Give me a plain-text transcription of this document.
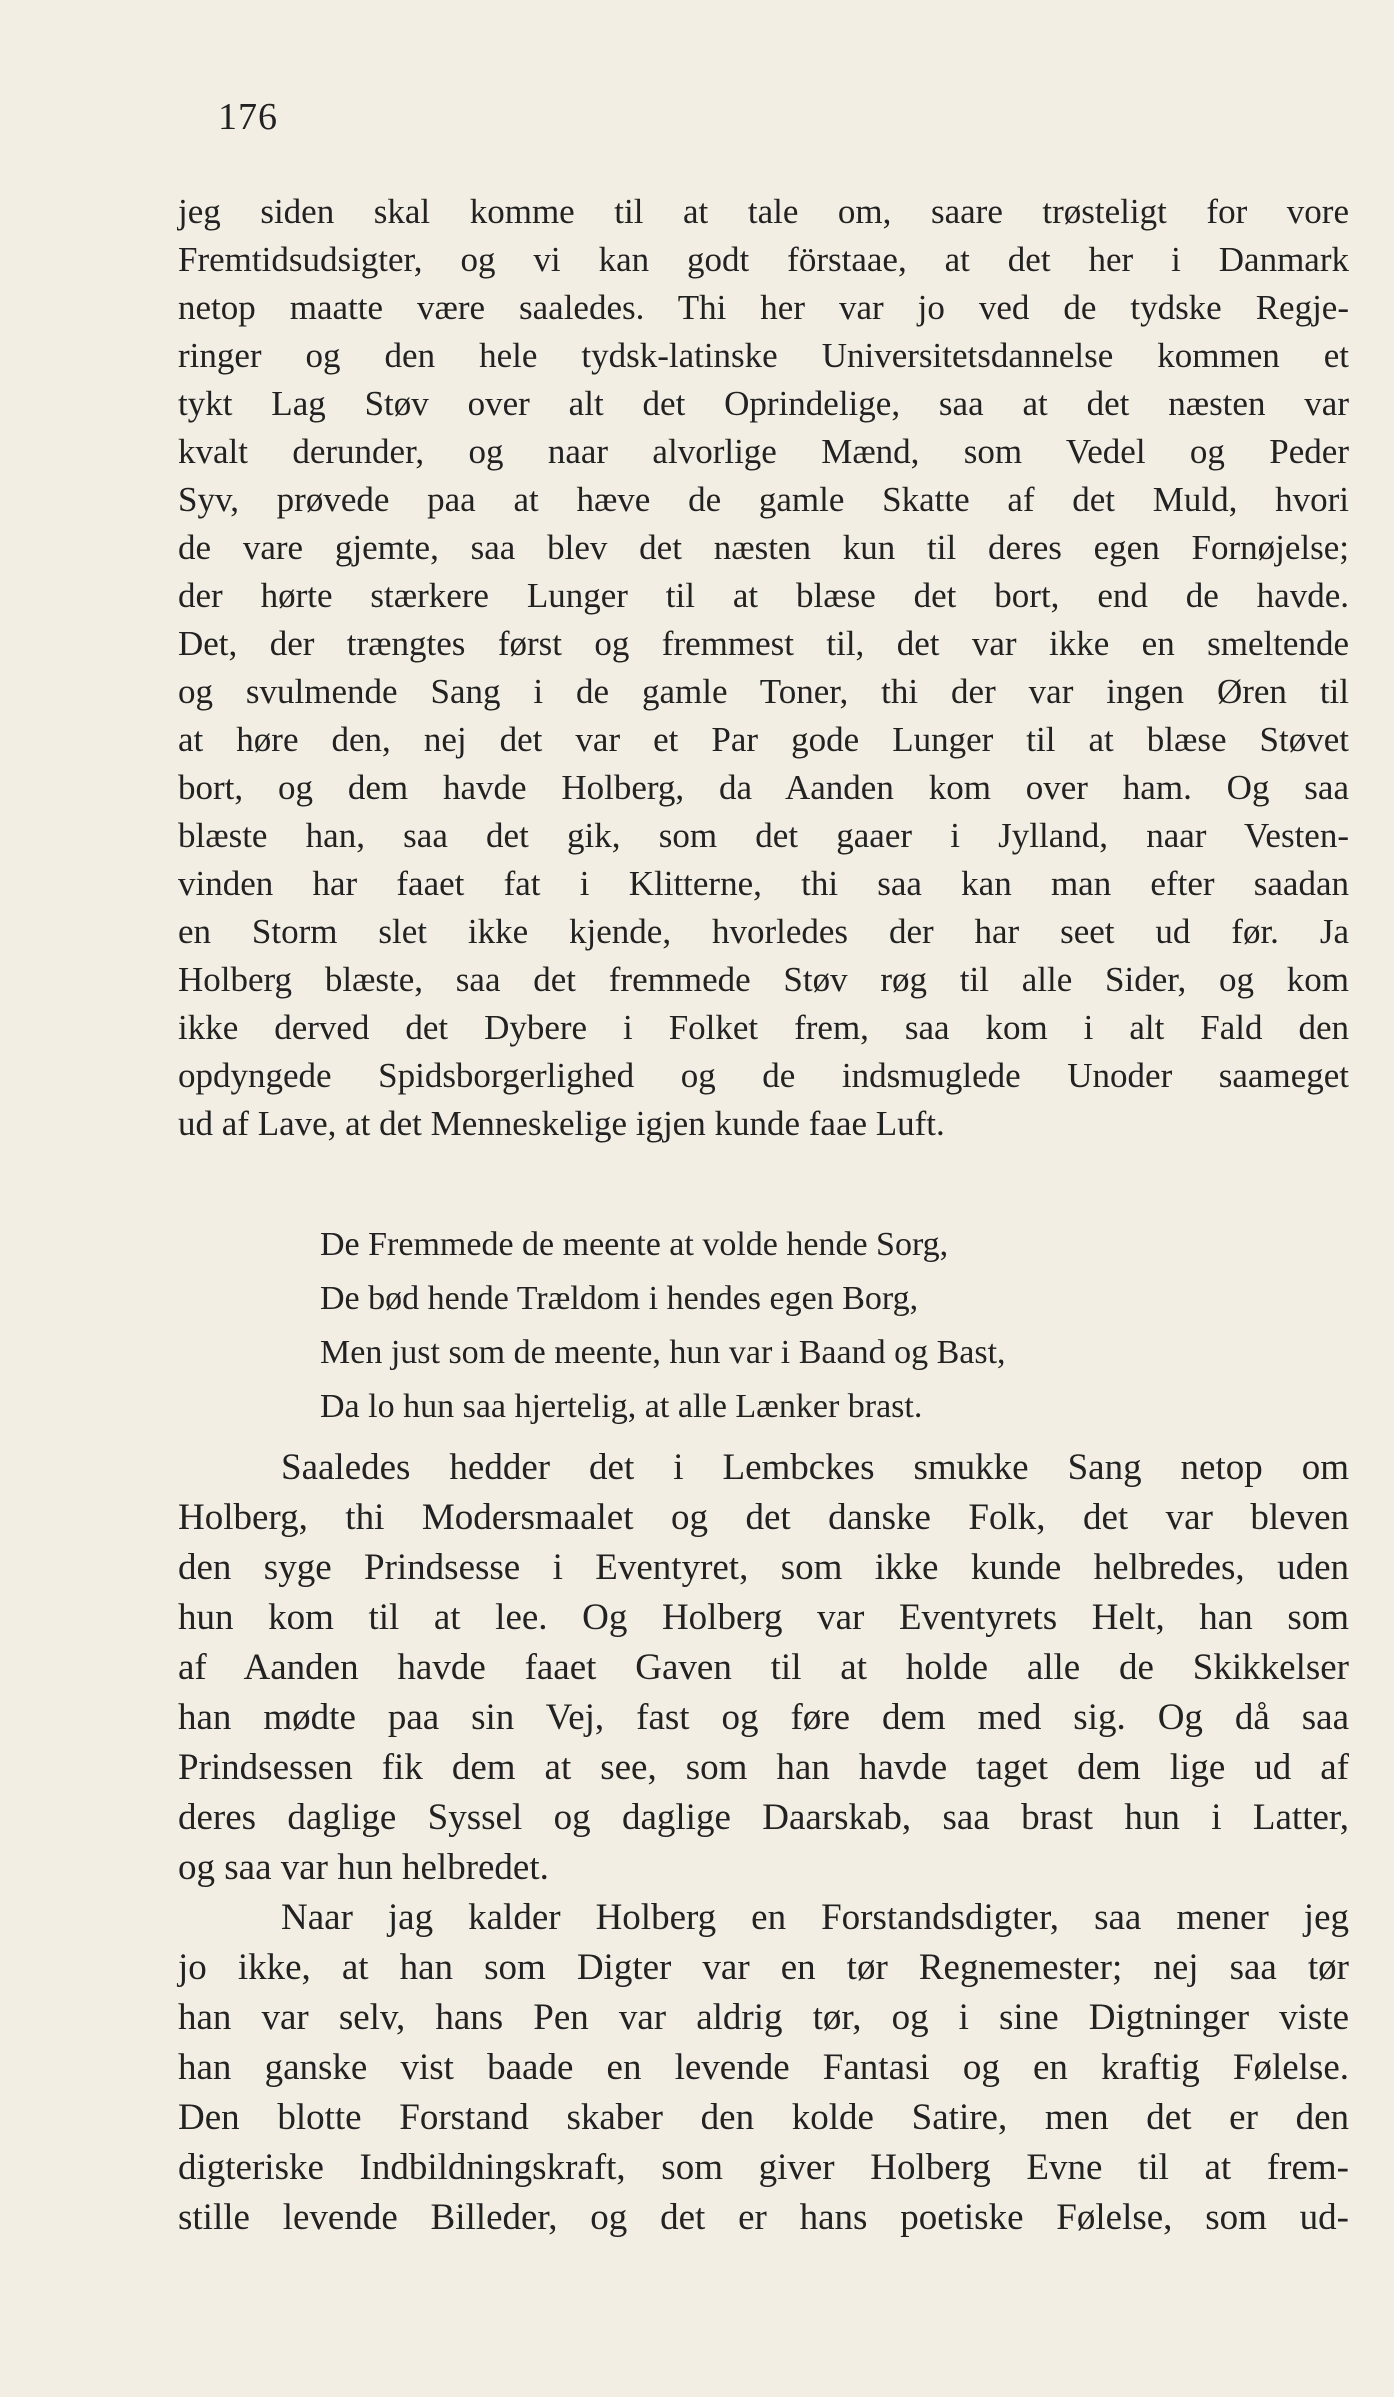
176
jeg siden skal komme til at tale om, saare trøsteligt for vore
Fremtidsudsigter, og vi kan godt förstaae, at det her i Danmark
netop maatte være saaledes. Thi her var jo ved de tydske Regje-
ringer og den hele tydsk-latinske Universitetsdannelse kommen et
tykt Lag Støv over alt det Oprindelige, saa at det næsten var
kvalt derunder, og naar alvorlige Mænd, som Vedel og Peder
Syv, prøvede paa at hæve de gamle Skatte af det Muld, hvori
de vare gjemte, saa blev det næsten kun til deres egen Fornøjelse;
der hørte stærkere Lunger til at blæse det bort, end de havde.
Det, der trængtes først og fremmest til, det var ikke en smeltende
og svulmende Sang i de gamle Toner, thi der var ingen Øren til
at høre den, nej det var et Par gode Lunger til at blæse Støvet
bort, og dem havde Holberg, da Aanden kom over ham. Og saa
blæste han, saa det gik, som det gaaer i Jylland, naar Vesten-
vinden har faaet fat i Klitterne, thi saa kan man efter saadan
en Storm slet ikke kjende, hvorledes der har seet ud før. Ja
Holberg blæste, saa det fremmede Støv røg til alle Sider, og kom
ikke derved det Dybere i Folket frem, saa kom i alt Fald den
opdyngede Spidsborgerlighed og de indsmuglede Unoder saameget
ud af Lave, at det Menneskelige igjen kunde faae Luft.
De Fremmede de meente at volde hende Sorg,
De bød hende Trældom i hendes egen Borg,
Men just som de meente, hun var i Baand og Bast,
Da lo hun saa hjertelig, at alle Lænker brast.
Saaledes hedder det i Lembckes smukke Sang netop om
Holberg, thi Modersmaalet og det danske Folk, det var bleven
den syge Prindsesse i Eventyret, som ikke kunde helbredes, uden
hun kom til at lee. Og Holberg var Eventyrets Helt, han som
af Aanden havde faaet Gaven til at holde alle de Skikkelser
han mødte paa sin Vej, fast og føre dem med sig. Og då saa
Prindsessen fik dem at see, som han havde taget dem lige ud af
deres daglige Syssel og daglige Daarskab, saa brast hun i Latter,
og saa var hun helbredet.
Naar jag kalder Holberg en Forstandsdigter, saa mener jeg
jo ikke, at han som Digter var en tør Regnemester; nej saa tør
han var selv, hans Pen var aldrig tør, og i sine Digtninger viste
han ganske vist baade en levende Fantasi og en kraftig Følelse.
Den blotte Forstand skaber den kolde Satire, men det er den
digteriske Indbildningskraft, som giver Holberg Evne til at frem-
stille levende Billeder, og det er hans poetiske Følelse, som ud-
